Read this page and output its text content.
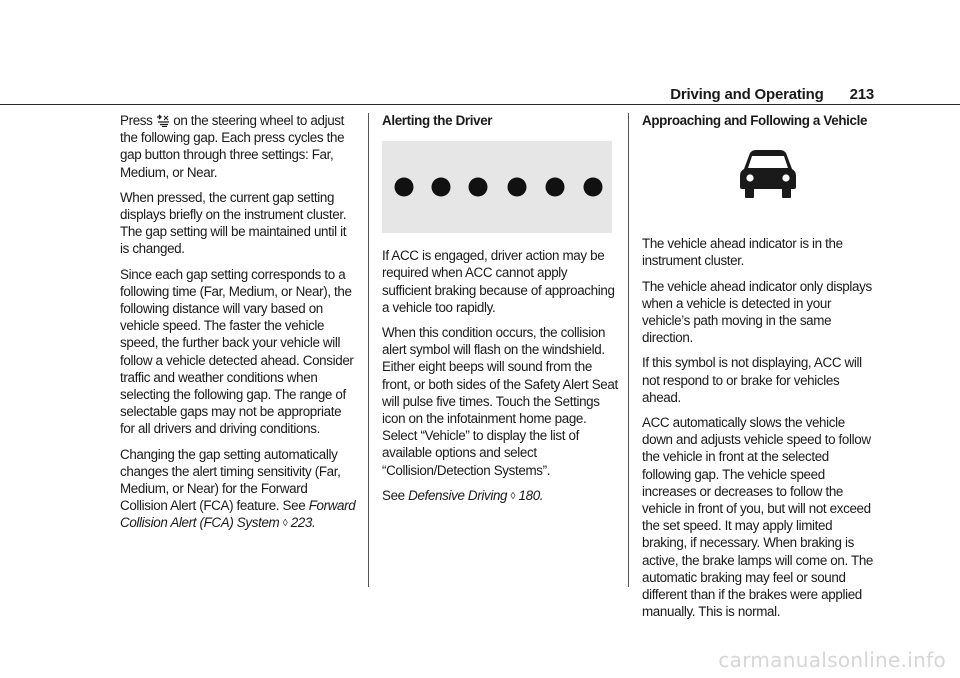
Driving and Operating 213

Press on the steering wheel to adjust the following gap. Each press cycles the gap button through three settings: Far, Medium, or Near.

When pressed, the current gap setting displays briefly on the instrument cluster. The gap setting will be maintained until it is changed.

Since each gap setting corresponds to a following time (Far, Medium, or Near), the following distance will vary based on vehicle speed. The faster the vehicle speed, the further back your vehicle will follow a vehicle detected ahead. Consider traffic and weather conditions when selecting the following gap. The range of selectable gaps may not be appropriate for all drivers and driving conditions.

Changing the gap setting automatically changes the alert timing sensitivity (Far, Medium, or Near) for the Forward Collision Alert (FCA) feature. See Forward Collision Alert (FCA) System ◊ 223.

Alerting the Driver

If ACC is engaged, driver action may be required when ACC cannot apply sufficient braking because of approaching a vehicle too rapidly.

When this condition occurs, the collision alert symbol will flash on the windshield. Either eight beeps will sound from the front, or both sides of the Safety Alert Seat will pulse five times. Touch the Settings icon on the infotainment home page. Select “Vehicle” to display the list of available options and select “Collision/Detection Systems”.

See Defensive Driving ◊ 180.

Approaching and Following a Vehicle

The vehicle ahead indicator is in the instrument cluster.

The vehicle ahead indicator only displays when a vehicle is detected in your vehicle’s path moving in the same direction.

If this symbol is not displaying, ACC will not respond to or brake for vehicles ahead.

ACC automatically slows the vehicle down and adjusts vehicle speed to follow the vehicle in front at the selected following gap. The vehicle speed increases or decreases to follow the vehicle in front of you, but will not exceed the set speed. It may apply limited braking, if necessary. When braking is active, the brake lamps will come on. The automatic braking may feel or sound different than if the brakes were applied manually. This is normal.

carmanualsonline.info
